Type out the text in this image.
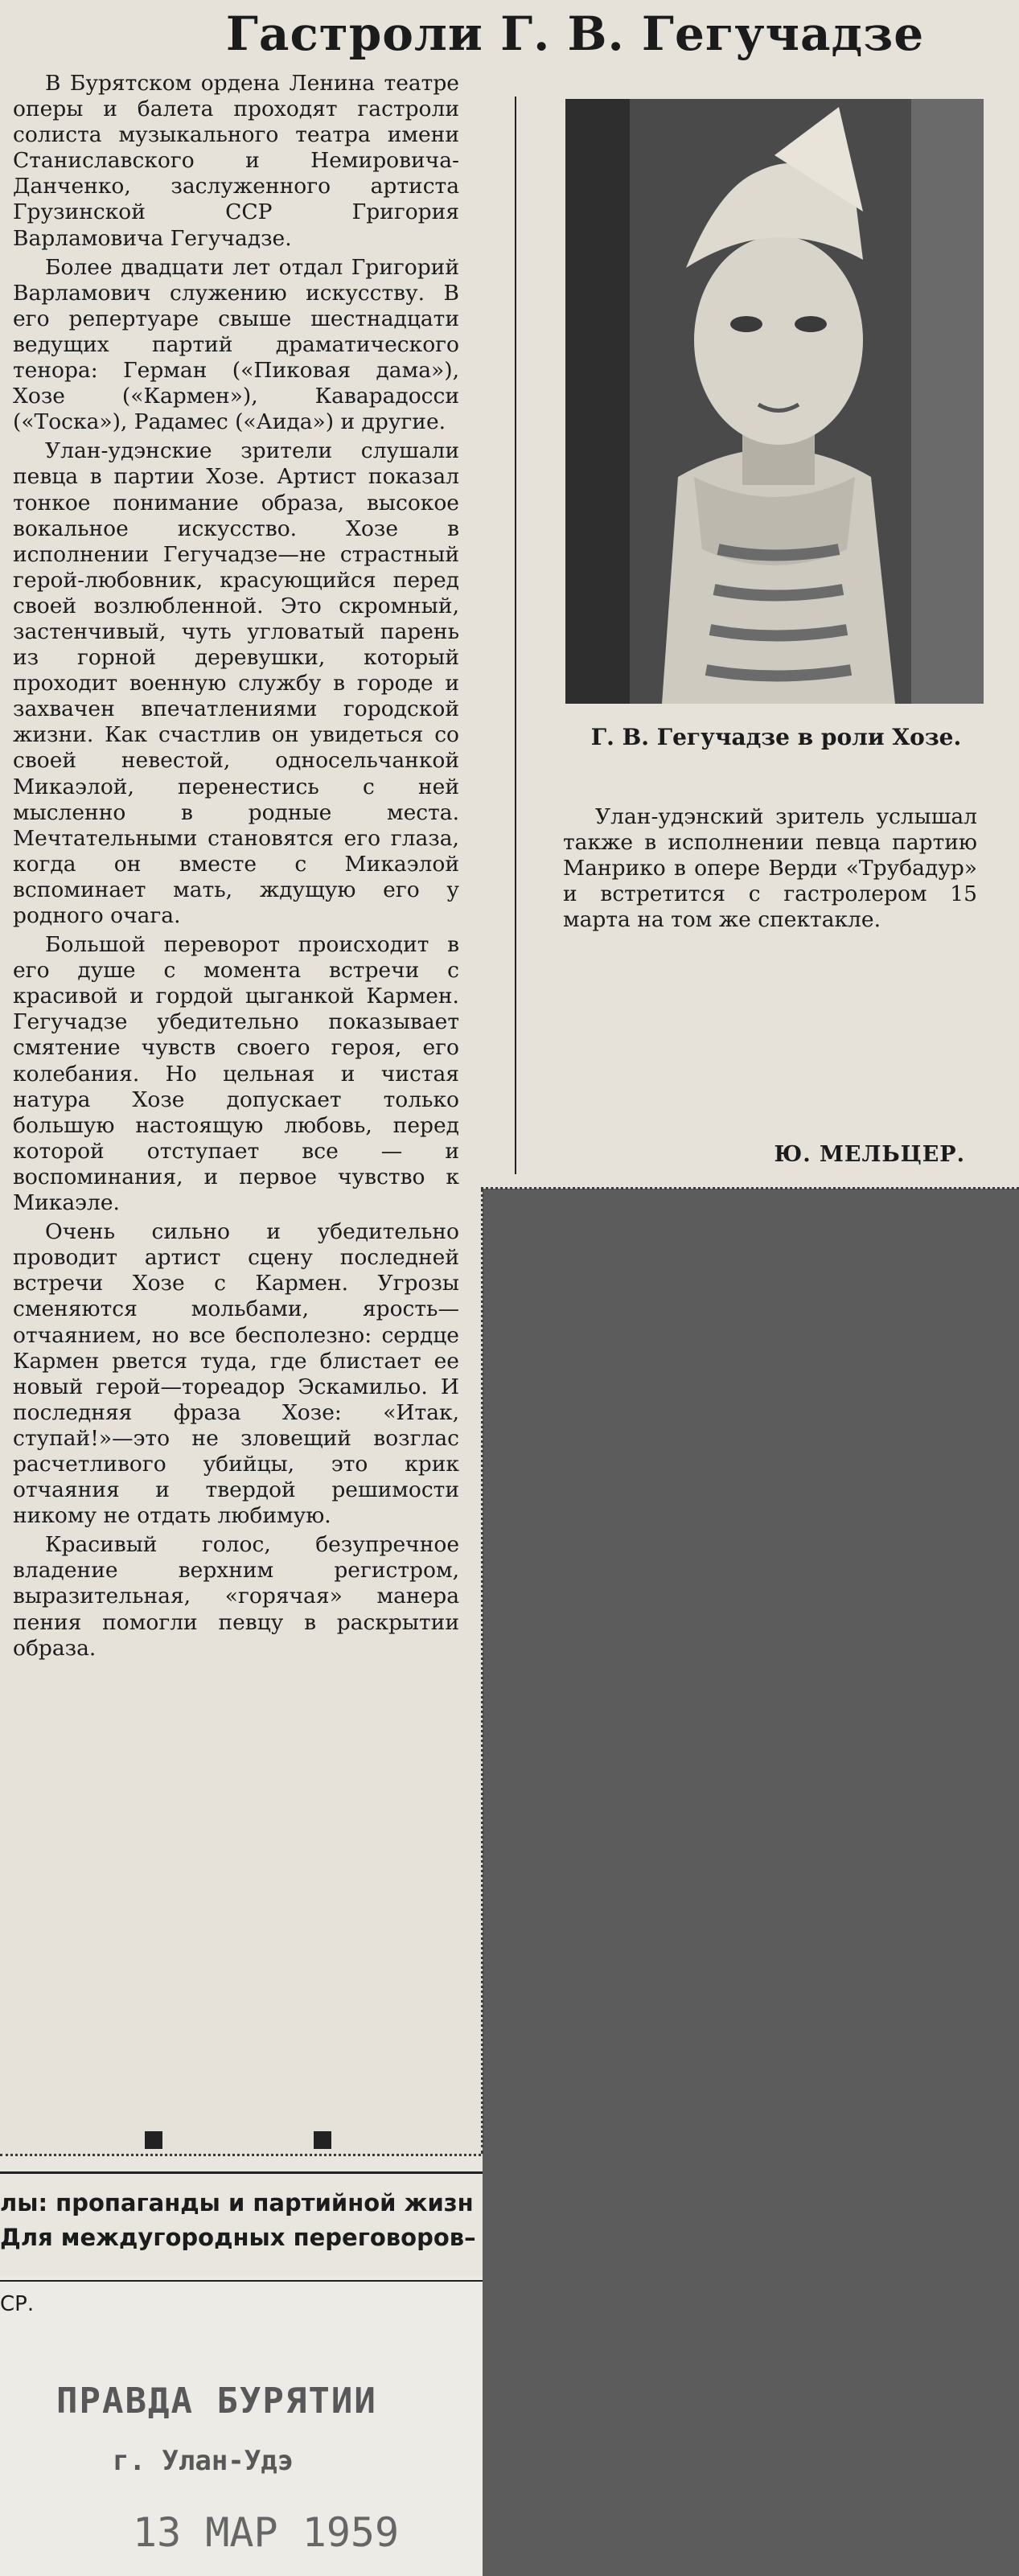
Гастроли Г. В. Гегучадзе

В Бурятском ордена Ленина театре оперы и балета проходят гастроли солиста музыкального театра имени Станиславского и Немировича-Данченко, заслуженного артиста Грузинской ССР Григория Варламовича Гегучадзе.

Более двадцати лет отдал Григорий Варламович служению искусству. В его репертуаре свыше шестнадцати ведущих партий драматического тенора: Герман («Пиковая дама»), Хозе («Кармен»), Каварадосси («Тоска»), Радамес («Аида») и другие.

Улан-удэнские зрители слушали певца в партии Хозе. Артист показал тонкое понимание образа, высокое вокальное искусство. Хозе в исполнении Гегучадзе—не страстный герой-любовник, красующийся перед своей возлюбленной. Это скромный, застенчивый, чуть угловатый парень из горной деревушки, который проходит военную службу в городе и захвачен впечатлениями городской жизни. Как счастлив он увидеться со своей невестой, односельчанкой Микаэлой, перенестись с ней мысленно в родные места. Мечтательными становятся его глаза, когда он вместе с Микаэлой вспоминает мать, ждущую его у родного очага.

Большой переворот происходит в его душе с момента встречи с красивой и гордой цыганкой Кармен. Гегучадзе убедительно показывает смятение чувств своего героя, его колебания. Но цельная и чистая натура Хозе допускает только большую настоящую любовь, перед которой отступает все — и воспоминания, и первое чувство к Микаэле.

Очень сильно и убедительно проводит артист сцену последней встречи Хозе с Кармен. Угрозы сменяются мольбами, ярость—отчаянием, но все бесполезно: сердце Кармен рвется туда, где блистает ее новый герой—тореадор Эскамильо. И последняя фраза Хозе: «Итак, ступай!»—это не зловещий возглас расчетливого убийцы, это крик отчаяния и твердой решимости никому не отдать любимую.

Красивый голос, безупречное владение верхним регистром, выразительная, «горячая» манера пения помогли певцу в раскрытии образа.

Г. В. Гегучадзе в роли Хозе.

Улан-удэнский зритель услышал также в исполнении певца партию Манрико в опере Верди «Трубадур» и встретится с гастролером 15 марта на том же спектакле.

Ю. МЕЛЬЦЕР.
лы: пропаганды и партийной жизн
Для междугородных переговоров–
СР.
ПРАВДА БУРЯТИИ
г. Улан-Удэ
13 МАР 1959
